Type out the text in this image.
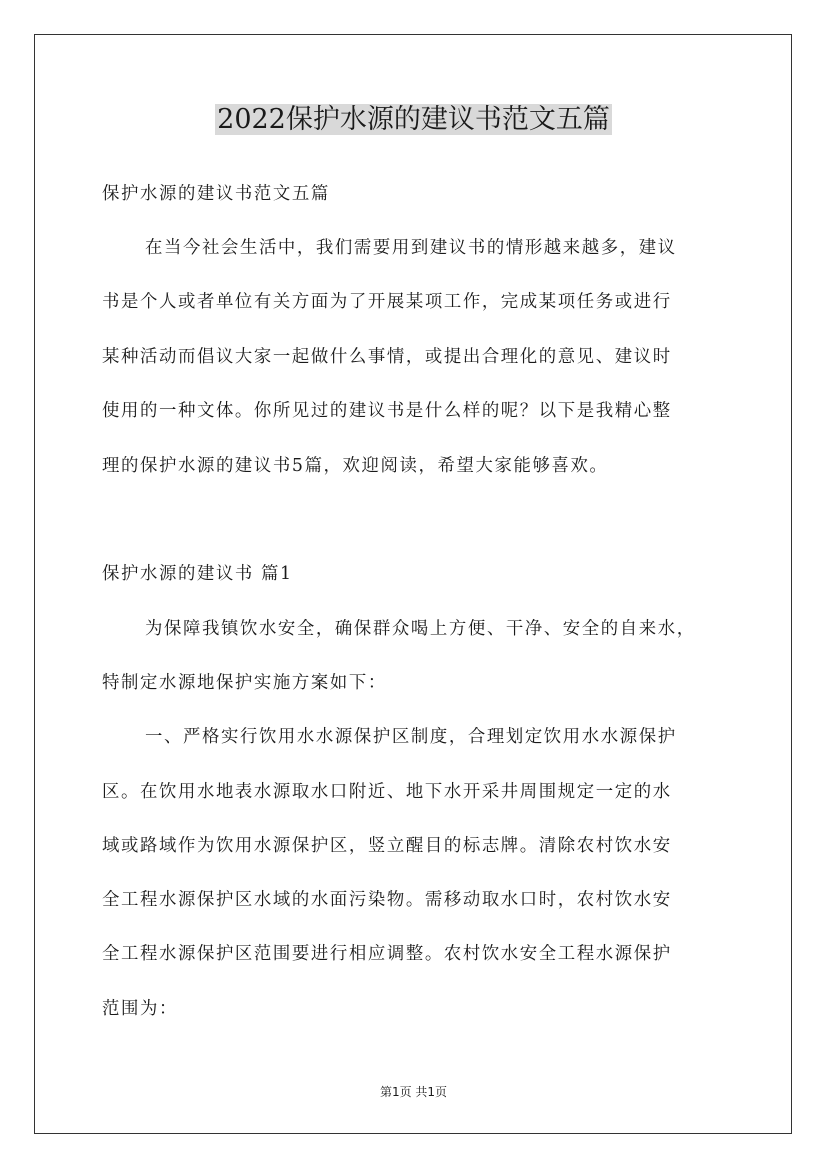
2022保护水源的建议书范文五篇
保护水源的建议书范文五篇
在当今社会生活中，我们需要用到建议书的情形越来越多，建议
书是个人或者单位有关方面为了开展某项工作，完成某项任务或进行
某种活动而倡议大家一起做什么事情，或提出合理化的意见、建议时
使用的一种文体。你所见过的建议书是什么样的呢？以下是我精心整
理的保护水源的建议书5篇，欢迎阅读，希望大家能够喜欢。
保护水源的建议书 篇1
为保障我镇饮水安全，确保群众喝上方便、干净、安全的自来水，
特制定水源地保护实施方案如下：
一、严格实行饮用水水源保护区制度，合理划定饮用水水源保护
区。在饮用水地表水源取水口附近、地下水开采井周围规定一定的水
域或路域作为饮用水源保护区，竖立醒目的标志牌。清除农村饮水安
全工程水源保护区水域的水面污染物。需移动取水口时，农村饮水安
全工程水源保护区范围要进行相应调整。农村饮水安全工程水源保护
范围为：
第1页 共1页
